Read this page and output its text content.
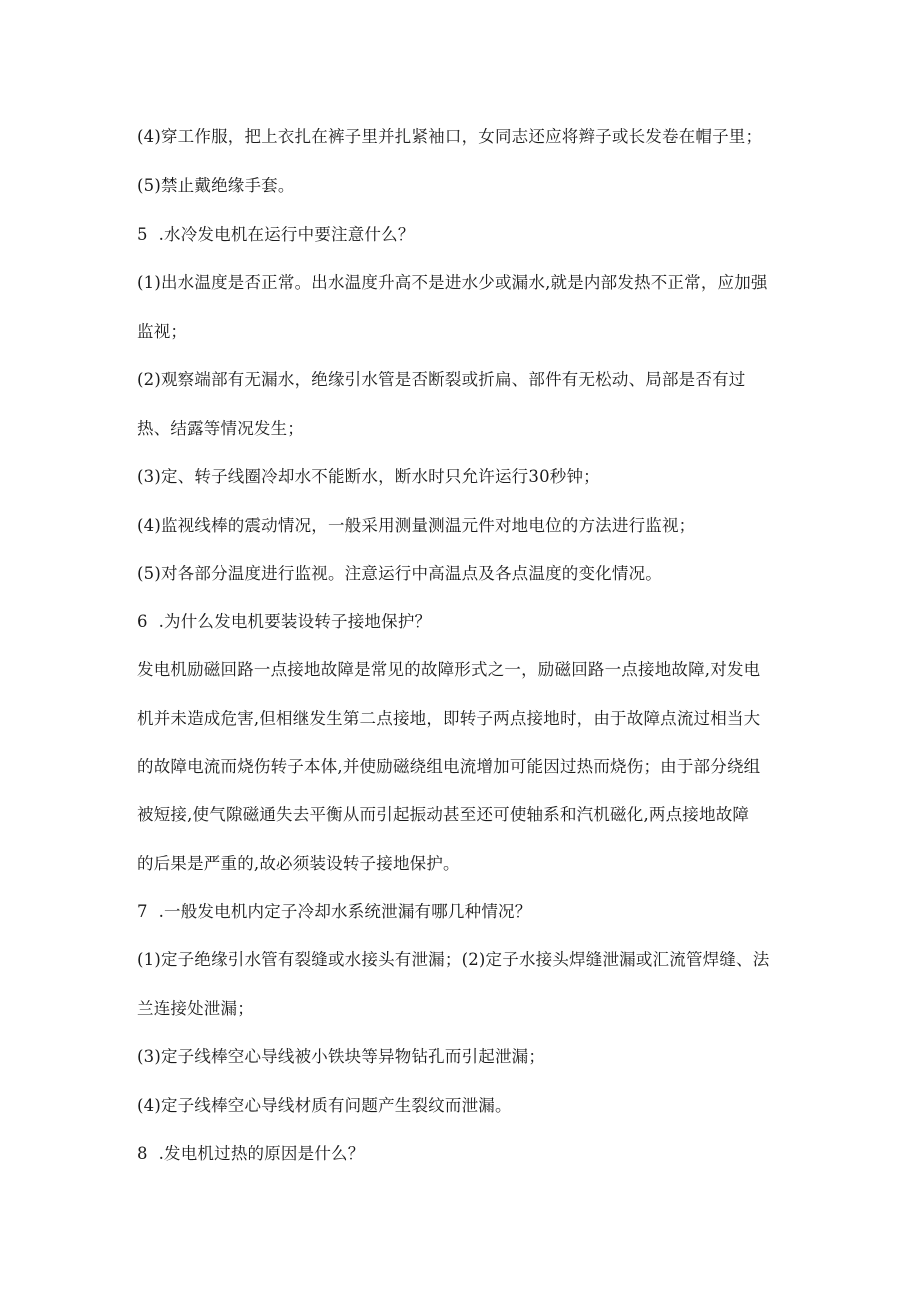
(4)穿工作服，把上衣扎在裤子里并扎紧袖口，女同志还应将辫子或长发卷在帽子里；
(5)禁止戴绝缘手套。
5  .水冷发电机在运行中要注意什么？
(1)出水温度是否正常。出水温度升高不是进水少或漏水,就是内部发热不正常，应加强
监视；
(2)观察端部有无漏水，绝缘引水管是否断裂或折扁、部件有无松动、局部是否有过
热、结露等情况发生；
(3)定、转子线圈冷却水不能断水，断水时只允许运行30秒钟；
(4)监视线棒的震动情况，一般采用测量测温元件对地电位的方法进行监视；
(5)对各部分温度进行监视。注意运行中高温点及各点温度的变化情况。
6  .为什么发电机要装设转子接地保护？
发电机励磁回路一点接地故障是常见的故障形式之一，励磁回路一点接地故障,对发电
机并未造成危害,但相继发生第二点接地，即转子两点接地时，由于故障点流过相当大
的故障电流而烧伤转子本体,并使励磁绕组电流增加可能因过热而烧伤；由于部分绕组
被短接,使气隙磁通失去平衡从而引起振动甚至还可使轴系和汽机磁化,两点接地故障
的后果是严重的,故必须装设转子接地保护。
7  .一般发电机内定子冷却水系统泄漏有哪几种情况？
(1)定子绝缘引水管有裂缝或水接头有泄漏；(2)定子水接头焊缝泄漏或汇流管焊缝、法
兰连接处泄漏；
(3)定子线棒空心导线被小铁块等异物钻孔而引起泄漏；
(4)定子线棒空心导线材质有问题产生裂纹而泄漏。
8  .发电机过热的原因是什么？
